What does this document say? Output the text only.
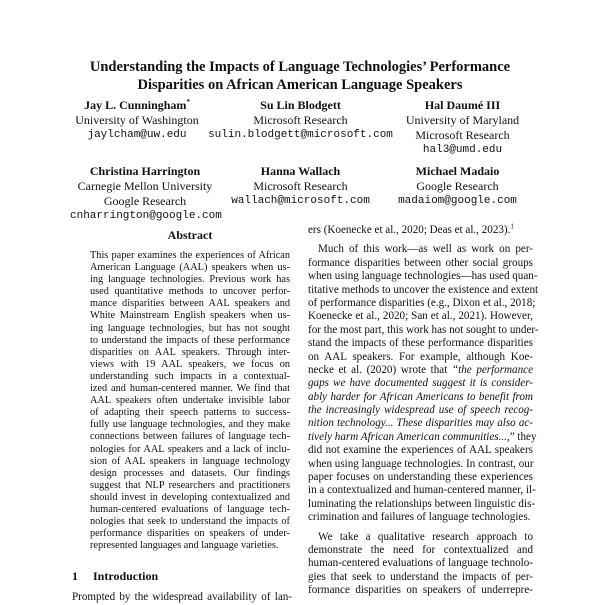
Understanding the Impacts of Language Technologies’ Performance
Disparities on African American Language Speakers
Jay L. Cunningham*
University of Washington
jaylcham@uw.edu
Su Lin Blodgett
Microsoft Research
sulin.blodgett@microsoft.com
Hal Daumé III
University of Maryland
Microsoft Research
hal3@umd.edu
Christina Harrington
Carnegie Mellon University
Google Research
cnharrington@google.com
Hanna Wallach
Microsoft Research
wallach@microsoft.com
Michael Madaio
Google Research
madaiom@google.com
Abstract
This paper examines the experiences of African
American Language (AAL) speakers when us-
ing language technologies. Previous work has
used quantitative methods to uncover perfor-
mance disparities between AAL speakers and
White Mainstream English speakers when us-
ing language technologies, but has not sought
to understand the impacts of these performance
disparities on AAL speakers. Through inter-
views with 19 AAL speakers, we focus on
understanding such impacts in a contextual-
ized and human-centered manner. We find that
AAL speakers often undertake invisible labor
of adapting their speech patterns to success-
fully use language technologies, and they make
connections between failures of language tech-
nologies for AAL speakers and a lack of inclu-
sion of AAL speakers in language technology
design processes and datasets. Our findings
suggest that NLP researchers and practitioners
should invest in developing contextualized and
human-centered evaluations of language tech-
nologies that seek to understand the impacts of
performance disparities on speakers of under-
represented languages and language varieties.
1 Introduction
Prompted by the widespread availability of lan-
ers (Koenecke et al., 2020; Deas et al., 2023).$^1$
Much of this work—as well as work on per-
formance disparities between other social groups
when using language technologies—has used quan-
titative methods to uncover the existence and extent
of performance disparities (e.g., Dixon et al., 2018;
Koenecke et al., 2020; San et al., 2021). However,
for the most part, this work has not sought to under-
stand the impacts of these performance disparities
on AAL speakers. For example, although Koe-
necke et al. (2020) wrote that “the performance
gaps we have documented suggest it is consider-
ably harder for African Americans to benefit from
the increasingly widespread use of speech recog-
nition technology... These disparities may also ac-
tively harm African American communities...,” they
did not examine the experiences of AAL speakers
when using language technologies. In contrast, our
paper focuses on understanding these experiences
in a contextualized and human-centered manner, il-
luminating the relationships between linguistic dis-
crimination and failures of language technologies.
We take a qualitative research approach to
demonstrate the need for contextualized and
human-centered evaluations of language technolo-
gies that seek to understand the impacts of per-
formance disparities on speakers of underrepre-
